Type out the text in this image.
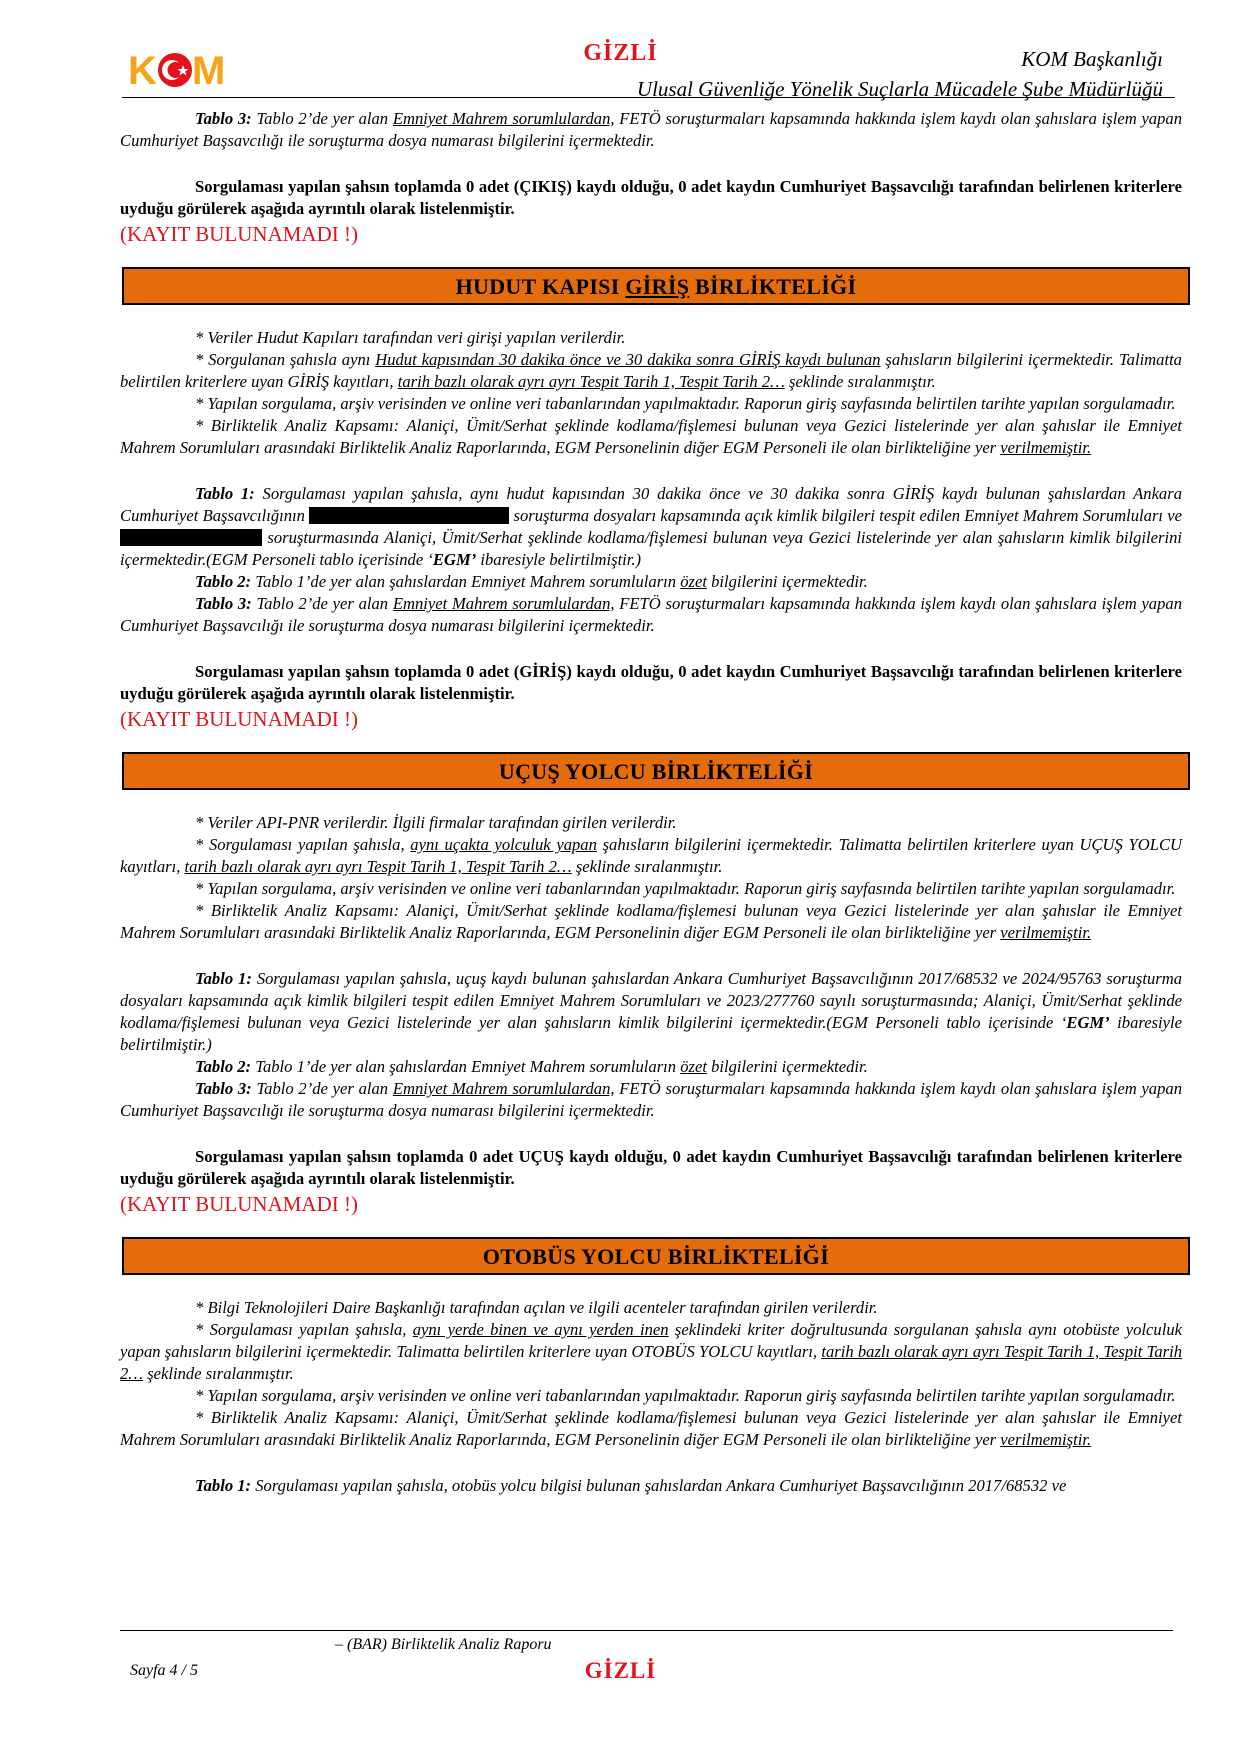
K M	GİZLİ	KOM Başkanlığı
Ulusal Güvenliğe Yönelik Suçlarla Mücadele Şube Müdürlüğü

Tablo 3: Tablo 2’de yer alan Emniyet Mahrem sorumlulardan, FETÖ soruşturmaları kapsamında hakkında işlem kaydı olan şahıslara işlem yapan Cumhuriyet Başsavcılığı ile soruşturma dosya numarası bilgilerini içermektedir.

Sorgulaması yapılan şahsın toplamda 0 adet (ÇIKIŞ) kaydı olduğu, 0 adet kaydın Cumhuriyet Başsavcılığı tarafından belirlenen kriterlere uyduğu görülerek aşağıda ayrıntılı olarak listelenmiştir.

(KAYIT BULUNAMADI !)

HUDUT KAPISI GİRİŞ BİRLİKTELİĞİ

* Veriler Hudut Kapıları tarafından veri girişi yapılan verilerdir.

* Sorgulanan şahısla aynı Hudut kapısından 30 dakika önce ve 30 dakika sonra GİRİŞ kaydı bulunan şahısların bilgilerini içermektedir. Talimatta belirtilen kriterlere uyan GİRİŞ kayıtları, tarih bazlı olarak ayrı ayrı Tespit Tarih 1, Tespit Tarih 2… şeklinde sıralanmıştır.

* Yapılan sorgulama, arşiv verisinden ve online veri tabanlarından yapılmaktadır. Raporun giriş sayfasında belirtilen tarihte yapılan sorgulamadır.

* Birliktelik Analiz Kapsamı: Alaniçi, Ümit/Serhat şeklinde kodlama/fişlemesi bulunan veya Gezici listelerinde yer alan şahıslar ile Emniyet Mahrem Sorumluları arasındaki Birliktelik Analiz Raporlarında, EGM Personelinin diğer EGM Personeli ile olan birlikteliğine yer verilmemiştir.

Tablo 1: Sorgulaması yapılan şahısla, aynı hudut kapısından 30 dakika önce ve 30 dakika sonra GİRİŞ kaydı bulunan şahıslardan Ankara Cumhuriyet Başsavcılığının	soruşturma dosyaları kapsamında açık kimlik bilgileri tespit edilen Emniyet Mahrem Sorumluları ve soruşturmasında Alaniçi, Ümit/Serhat şeklinde kodlama/fişlemesi bulunan veya Gezici listelerinde yer alan şahısların kimlik bilgilerini içermektedir.(EGM Personeli tablo içerisinde ‘EGM’ ibaresiyle belirtilmiştir.)

Tablo 2: Tablo 1’de yer alan şahıslardan Emniyet Mahrem sorumluların özet bilgilerini içermektedir.

Tablo 3: Tablo 2’de yer alan Emniyet Mahrem sorumlulardan, FETÖ soruşturmaları kapsamında hakkında işlem kaydı olan şahıslara işlem yapan Cumhuriyet Başsavcılığı ile soruşturma dosya numarası bilgilerini içermektedir.

Sorgulaması yapılan şahsın toplamda 0 adet (GİRİŞ) kaydı olduğu, 0 adet kaydın Cumhuriyet Başsavcılığı tarafından belirlenen kriterlere uyduğu görülerek aşağıda ayrıntılı olarak listelenmiştir.

(KAYIT BULUNAMADI !)

UÇUŞ YOLCU BİRLİKTELİĞİ

* Veriler API-PNR verilerdir. İlgili firmalar tarafından girilen verilerdir.

* Sorgulaması yapılan şahısla, aynı uçakta yolculuk yapan şahısların bilgilerini içermektedir. Talimatta belirtilen kriterlere uyan UÇUŞ YOLCU kayıtları, tarih bazlı olarak ayrı ayrı Tespit Tarih 1, Tespit Tarih 2… şeklinde sıralanmıştır.

* Yapılan sorgulama, arşiv verisinden ve online veri tabanlarından yapılmaktadır. Raporun giriş sayfasında belirtilen tarihte yapılan sorgulamadır.

* Birliktelik Analiz Kapsamı: Alaniçi, Ümit/Serhat şeklinde kodlama/fişlemesi bulunan veya Gezici listelerinde yer alan şahıslar ile Emniyet Mahrem Sorumluları arasındaki Birliktelik Analiz Raporlarında, EGM Personelinin diğer EGM Personeli ile olan birlikteliğine yer verilmemiştir.

Tablo 1: Sorgulaması yapılan şahısla, uçuş kaydı bulunan şahıslardan Ankara Cumhuriyet Başsavcılığının 2017/68532 ve 2024/95763 soruşturma dosyaları kapsamında açık kimlik bilgileri tespit edilen Emniyet Mahrem Sorumluları ve 2023/277760 sayılı soruşturmasında; Alaniçi, Ümit/Serhat şeklinde kodlama/fişlemesi bulunan veya Gezici listelerinde yer alan şahısların kimlik bilgilerini içermektedir.(EGM Personeli tablo içerisinde ‘EGM’ ibaresiyle belirtilmiştir.)

Tablo 2: Tablo 1’de yer alan şahıslardan Emniyet Mahrem sorumluların özet bilgilerini içermektedir.

Tablo 3: Tablo 2’de yer alan Emniyet Mahrem sorumlulardan, FETÖ soruşturmaları kapsamında hakkında işlem kaydı olan şahıslara işlem yapan Cumhuriyet Başsavcılığı ile soruşturma dosya numarası bilgilerini içermektedir.

Sorgulaması yapılan şahsın toplamda 0 adet UÇUŞ kaydı olduğu, 0 adet kaydın Cumhuriyet Başsavcılığı tarafından belirlenen kriterlere uyduğu görülerek aşağıda ayrıntılı olarak listelenmiştir.

(KAYIT BULUNAMADI !)

OTOBÜS YOLCU BİRLİKTELİĞİ

* Bilgi Teknolojileri Daire Başkanlığı tarafından açılan ve ilgili acenteler tarafından girilen verilerdir.

* Sorgulaması yapılan şahısla, aynı yerde binen ve aynı yerden inen şeklindeki kriter doğrultusunda sorgulanan şahısla aynı otobüste yolculuk yapan şahısların bilgilerini içermektedir. Talimatta belirtilen kriterlere uyan OTOBÜS YOLCU kayıtları, tarih bazlı olarak ayrı ayrı Tespit Tarih 1, Tespit Tarih 2… şeklinde sıralanmıştır.

* Yapılan sorgulama, arşiv verisinden ve online veri tabanlarından yapılmaktadır. Raporun giriş sayfasında belirtilen tarihte yapılan sorgulamadır.

* Birliktelik Analiz Kapsamı: Alaniçi, Ümit/Serhat şeklinde kodlama/fişlemesi bulunan veya Gezici listelerinde yer alan şahıslar ile Emniyet Mahrem Sorumluları arasındaki Birliktelik Analiz Raporlarında, EGM Personelinin diğer EGM Personeli ile olan birlikteliğine yer verilmemiştir.

Tablo 1: Sorgulaması yapılan şahısla, otobüs yolcu bilgisi bulunan şahıslardan Ankara Cumhuriyet Başsavcılığının 2017/68532 ve

– (BAR) Birliktelik Analiz Raporu
Sayfa 4 / 5	GİZLİ
